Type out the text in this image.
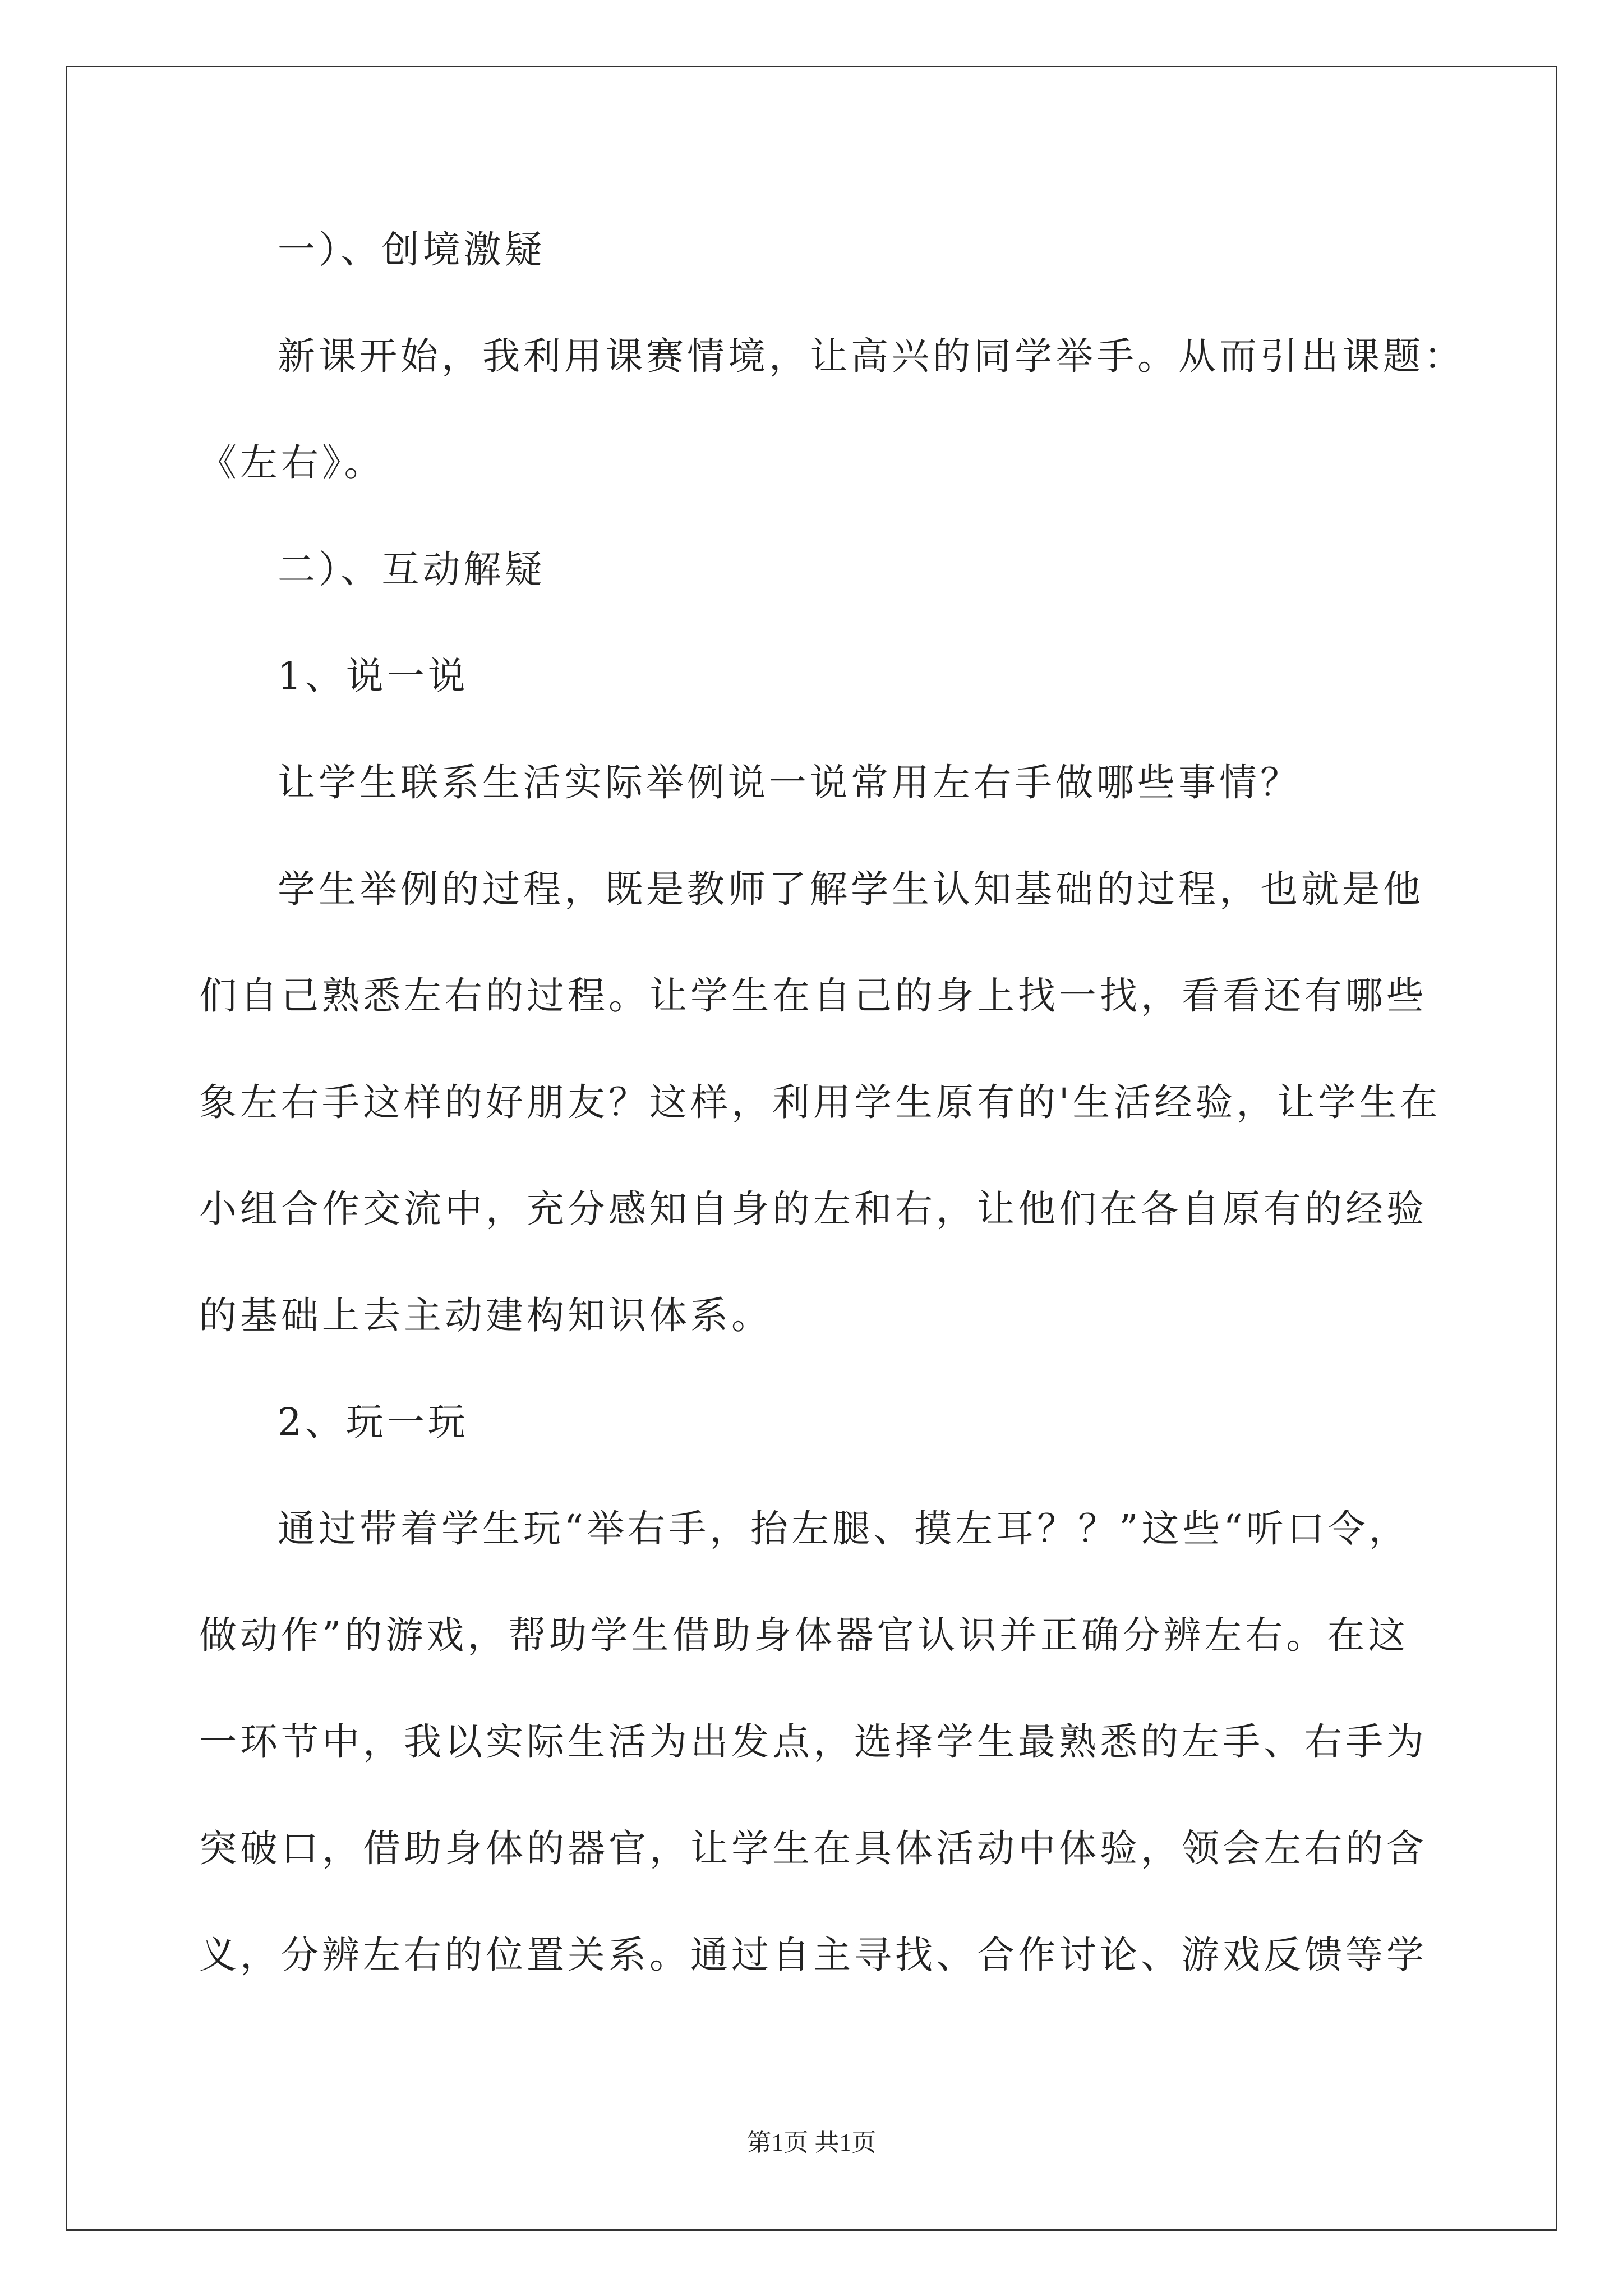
一）、创境激疑
新课开始，我利用课赛情境，让高兴的同学举手。从而引出课题：
《左右》。
二）、互动解疑
1、说一说
让学生联系生活实际举例说一说常用左右手做哪些事情？
学生举例的过程，既是教师了解学生认知基础的过程，也就是他
们自己熟悉左右的过程。让学生在自己的身上找一找，看看还有哪些
象左右手这样的好朋友？这样，利用学生原有的'生活经验，让学生在
小组合作交流中，充分感知自身的左和右，让他们在各自原有的经验
的基础上去主动建构知识体系。
2、玩一玩
通过带着学生玩“举右手，抬左腿、摸左耳？？”这些“听口令，
做动作”的游戏，帮助学生借助身体器官认识并正确分辨左右。在这
一环节中，我以实际生活为出发点，选择学生最熟悉的左手、右手为
突破口，借助身体的器官，让学生在具体活动中体验，领会左右的含
义，分辨左右的位置关系。通过自主寻找、合作讨论、游戏反馈等学
第1页 共1页
